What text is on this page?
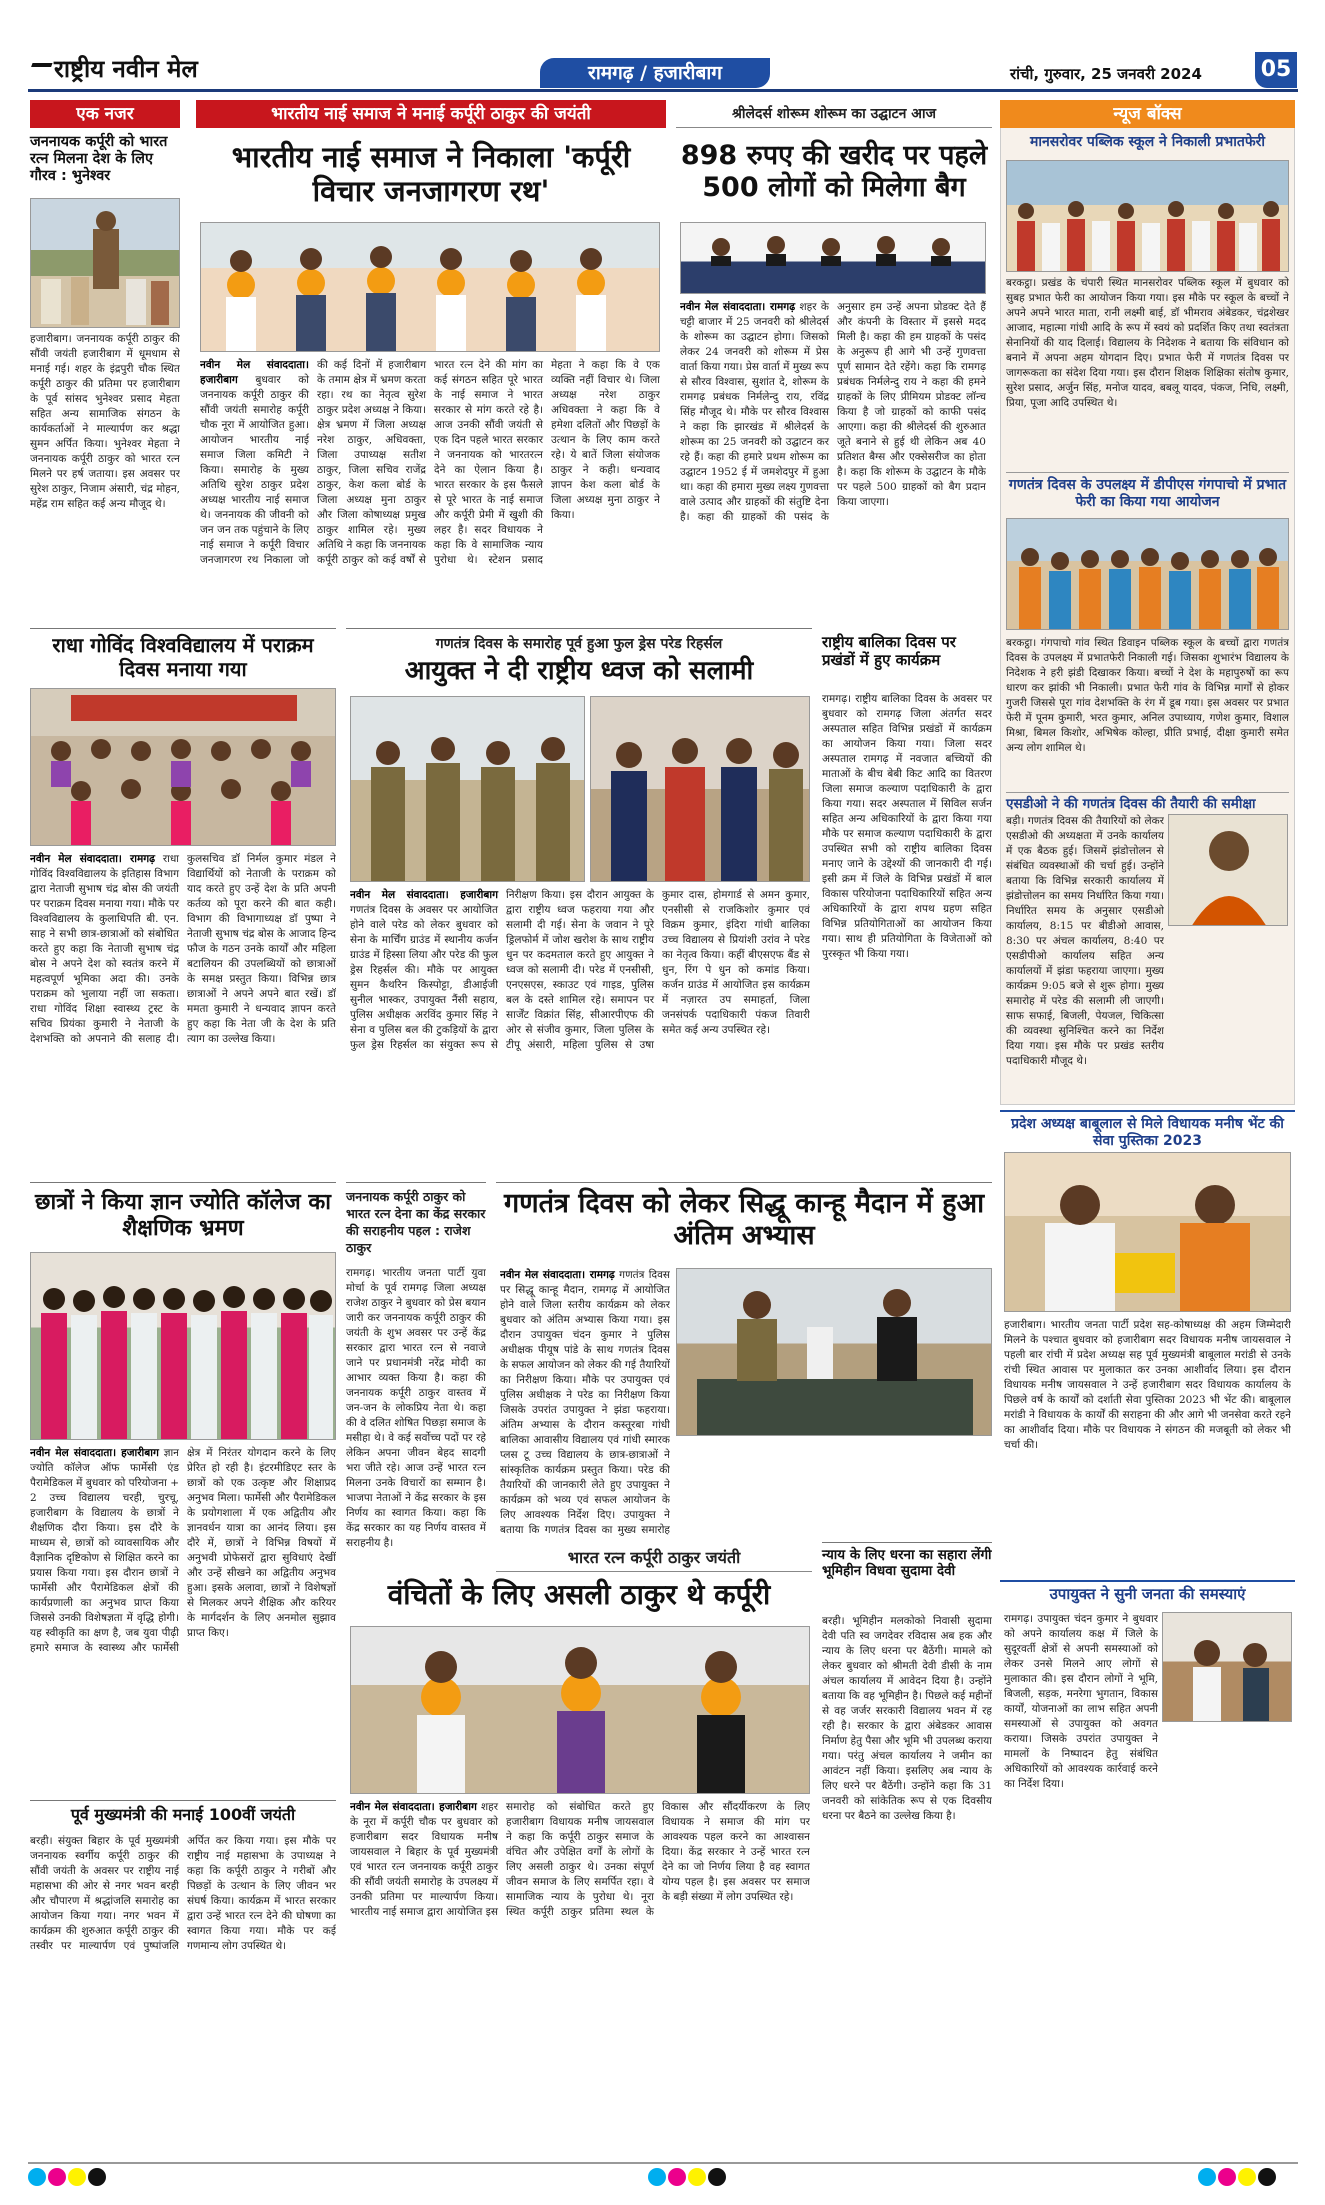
राष्ट्रीय नवीन मेल	रामगढ़ / हजारीबाग	रांची, गुरुवार, 25 जनवरी 2024	05
एक नजर
जननायक कर्पूरी को भारत रत्न मिलना देश के लिए गौरव : भुनेश्वर
हजारीबाग। जननायक कर्पूरी ठाकुर की सौंवी जयंती हजारीबाग में धूमधाम से मनाई गई। शहर के इंद्रपुरी चौक स्थित कर्पूरी ठाकुर की प्रतिमा पर हजारीबाग के पूर्व सांसद भुनेश्वर प्रसाद मेहता सहित अन्य सामाजिक संगठन के कार्यकर्ताओं ने माल्यार्पण कर श्रद्धा सुमन अर्पित किया। भुनेश्वर मेहता ने जननायक कर्पूरी ठाकुर को भारत रत्न मिलने पर हर्ष जताया। इस अवसर पर सुरेश ठाकुर, निजाम अंसारी, चंद्र मोहन, महेंद्र राम सहित कई अन्य मौजूद थे।
भारतीय नाई समाज ने मनाई कर्पूरी ठाकुर की जयंती
भारतीय नाई समाज ने निकाला 'कर्पूरी विचार जनजागरण रथ'
नवीन मेल संवाददाता। हजारीबाग बुधवार को जननायक कर्पूरी ठाकुर की सौंवी जयंती समारोह कर्पूरी चौक नूरा में आयोजित हुआ। आयोजन भारतीय नाई समाज जिला कमिटी ने किया। समारोह के मुख्य अतिथि सुरेश ठाकुर प्रदेश अध्यक्ष भारतीय नाई समाज थे। जननायक की जीवनी को जन जन तक पहुंचाने के लिए नाई समाज ने कर्पूरी विचार जनजागरण रथ निकाला जो की कई दिनों में हजारीबाग के तमाम क्षेत्र में भ्रमण करता रहा। रथ का नेतृत्व सुरेश ठाकुर प्रदेश अध्यक्ष ने किया। क्षेत्र भ्रमण में जिला अध्यक्ष नरेश ठाकुर, अधिवक्ता, जिला उपाध्यक्ष सतीश ठाकुर, जिला सचिव राजेंद्र ठाकुर, केश कला बोर्ड के जिला अध्यक्ष मुना ठाकुर और जिला कोषाध्यक्ष प्रमुख ठाकुर शामिल रहे। मुख्य अतिथि ने कहा कि जननायक कर्पूरी ठाकुर को कई वर्षों से भारत रत्न देने की मांग का कई संगठन सहित पूरे भारत के नाई समाज ने भारत सरकार से मांग करते रहे है। आज उनकी सौंवी जयंती से एक दिन पहले भारत सरकार ने जननायक को भारतरत्न देने का ऐलान किया है। भारत सरकार के इस फैसले से पूरे भारत के नाई समाज और कर्पूरी प्रेमी में खुशी की लहर है। सदर विधायक ने कहा कि वे सामाजिक न्याय पुरोधा थे। स्टेशन प्रसाद मेहता ने कहा कि वे एक व्यक्ति नहीं विचार थे। जिला अध्यक्ष नरेश ठाकुर अधिवक्ता ने कहा कि वे हमेशा दलितों और पिछड़ों के उत्थान के लिए काम करते रहे। ये बातें जिला संयोजक ठाकुर ने कही। धन्यवाद ज्ञापन केश कला बोर्ड के जिला अध्यक्ष मुना ठाकुर ने किया।
श्रीलेदर्स शोरूम शोरूम का उद्घाटन आज
898 रुपए की खरीद पर पहले 500 लोगों को मिलेगा बैग
नवीन मेल संवाददाता। रामगढ़ शहर के चट्टी बाजार में 25 जनवरी को श्रीलेदर्स के शोरूम का उद्घाटन होगा। जिसको लेकर 24 जनवरी को शोरूम में प्रेस वार्ता किया गया। प्रेस वार्ता में मुख्य रूप से सौरव विश्वास, सुशांत दे, शोरूम के रामगढ़ प्रबंधक निर्मलेन्दु राय, रविंद्र सिंह मौजूद थे। मौके पर सौरव विश्वास ने कहा कि झारखंड में श्रीलेदर्स के शोरूम का 25 जनवरी को उद्घाटन कर रहे हैं। कहा की हमारे प्रथम शोरूम का उद्घाटन 1952 ई में जमशेदपुर में हुआ था। कहा की हमारा मुख्य लक्ष्य गुणवत्ता वाले उत्पाद और ग्राहकों की संतुष्टि देना है। कहा की ग्राहकों की पसंद के अनुसार हम उन्हें अपना प्रोडक्ट देते हैं और कंपनी के विस्तार में इससे मदद मिली है। कहा की हम ग्राहकों के पसंद के अनुरूप ही आगे भी उन्हें गुणवत्ता पूर्ण सामान देते रहेंगे। कहा कि रामगढ़ प्रबंधक निर्मलेन्दु राय ने कहा की हमने ग्राहकों के लिए प्रीमियम प्रोडक्ट लॉन्च किया है जो ग्राहकों को काफी पसंद आएगा। कहा की श्रीलेदर्स की शुरुआत जूते बनाने से हुई थी लेकिन अब 40 प्रतिशत बैग्स और एक्सेसरीज का होता है। कहा कि शोरूम के उद्घाटन के मौके पर पहले 500 ग्राहकों को बैग प्रदान किया जाएगा।
न्यूज बॉक्स
मानसरोवर पब्लिक स्कूल ने निकाली प्रभातफेरी
बरकट्ठा। प्रखंड के चंपारी स्थित मानसरोवर पब्लिक स्कूल में बुधवार को सुबह प्रभात फेरी का आयोजन किया गया। इस मौके पर स्कूल के बच्चों ने अपने अपने भारत माता, रानी लक्ष्मी बाई, डॉ भीमराव अंबेडकर, चंद्रशेखर आजाद, महात्मा गांधी आदि के रूप में स्वयं को प्रदर्शित किए तथा स्वतंत्रता सेनानियों की याद दिलाई। विद्यालय के निदेशक ने बताया कि संविधान को बनाने में अपना अहम योगदान दिए। प्रभात फेरी में गणतंत्र दिवस पर जागरूकता का संदेश दिया गया। इस दौरान शिक्षक शिक्षिका संतोष कुमार, सुरेश प्रसाद, अर्जुन सिंह, मनोज यादव, बबलू यादव, पंकज, निधि, लक्ष्मी, प्रिया, पूजा आदि उपस्थित थे।
गणतंत्र दिवस के उपलक्ष्य में डीपीएस गंगपाचो में प्रभात फेरी का किया गया आयोजन
बरकट्ठा। गंगपाचो गांव स्थित डिवाइन पब्लिक स्कूल के बच्चों द्वारा गणतंत्र दिवस के उपलक्ष्य में प्रभातफेरी निकाली गई। जिसका शुभारंभ विद्यालय के निदेशक ने हरी झंडी दिखाकर किया। बच्चों ने देश के महापुरुषों का रूप धारण कर झांकी भी निकाली। प्रभात फेरी गांव के विभिन्न मार्गों से होकर गुजरी जिससे पूरा गांव देशभक्ति के रंग में डूब गया। इस अवसर पर प्रभात फेरी में पूनम कुमारी, भरत कुमार, अनिल उपाध्याय, गणेश कुमार, विशाल मिश्रा, बिमल किशोर, अभिषेक कोल्हा, प्रीति प्रभाई, दीक्षा कुमारी समेत अन्य लोग शामिल थे।
एसडीओ ने की गणतंत्र दिवस की तैयारी की समीक्षा
बड़ी। गणतंत्र दिवस की तैयारियों को लेकर एसडीओ की अध्यक्षता में उनके कार्यालय में एक बैठक हुई। जिसमें झंडोत्तोलन से संबंधित व्यवस्थाओं की चर्चा हुई। उन्होंने बताया कि विभिन्न सरकारी कार्यालय में झंडोत्तोलन का समय निर्धारित किया गया। निर्धारित समय के अनुसार एसडीओ कार्यालय, 8:15 पर बीडीओ आवास, 8:30 पर अंचल कार्यालय, 8:40 पर एसडीपीओ कार्यालय सहित अन्य कार्यालयों में झंडा फहराया जाएगा। मुख्य कार्यक्रम 9:05 बजे से शुरू होगा। मुख्य समारोह में परेड की सलामी ली जाएगी। साफ सफाई, बिजली, पेयजल, चिकित्सा की व्यवस्था सुनिश्चित करने का निर्देश दिया गया। इस मौके पर प्रखंड स्तरीय पदाधिकारी मौजूद थे।
राधा गोविंद विश्वविद्यालय में पराक्रम दिवस मनाया गया
नवीन मेल संवाददाता। रामगढ़ राधा गोविंद विश्वविद्यालय के इतिहास विभाग द्वारा नेताजी सुभाष चंद्र बोस की जयंती पर पराक्रम दिवस मनाया गया। मौके पर विश्वविद्यालय के कुलाधिपति बी. एन. साह ने सभी छात्र-छात्राओं को संबोधित करते हुए कहा कि नेताजी सुभाष चंद्र बोस ने अपने देश को स्वतंत्र करने में महत्वपूर्ण भूमिका अदा की। उनके पराक्रम को भुलाया नहीं जा सकता। राधा गोविंद शिक्षा स्वास्थ्य ट्रस्ट के सचिव प्रियंका कुमारी ने नेताजी के देशभक्ति को अपनाने की सलाह दी। कुलसचिव डॉ निर्मल कुमार मंडल ने विद्यार्थियों को नेताजी के पराक्रम को याद करते हुए उन्हें देश के प्रति अपनी कर्तव्य को पूरा करने की बात कही। विभाग की विभागाध्यक्ष डॉ पुष्पा ने नेताजी सुभाष चंद्र बोस के आजाद हिन्द फौज के गठन उनके कार्यों और महिला बटालियन की उपलब्धियों को छात्राओं के समक्ष प्रस्तुत किया। विभिन्न छात्र छात्राओं ने अपने अपने बात रखें। डॉ ममता कुमारी ने धन्यवाद ज्ञापन करते हुए कहा कि नेता जी के देश के प्रति त्याग का उल्लेख किया।
गणतंत्र दिवस के समारोह पूर्व हुआ फुल ड्रेस परेड रिहर्सल
आयुक्त ने दी राष्ट्रीय ध्वज को सलामी
नवीन मेल संवाददाता। हजारीबाग गणतंत्र दिवस के अवसर पर आयोजित होने वाले परेड को लेकर बुधवार को सेना के मार्चिंग ग्राउंड में स्थानीय कर्जन ग्राउंड में हिस्सा लिया और परेड की फुल ड्रेस रिहर्सल की। मौके पर आयुक्त सुमन कैथरिन किस्पोट्टा, डीआईजी सुनील भास्कर, उपायुक्त नैंसी सहाय, पुलिस अधीक्षक अरविंद कुमार सिंह ने सेना व पुलिस बल की टुकड़ियों के द्वारा फुल ड्रेस रिहर्सल का संयुक्त रूप से निरीक्षण किया। इस दौरान आयुक्त के द्वारा राष्ट्रीय ध्वज फहराया गया और सलामी दी गई। सेना के जवान ने पूरे ड्रिलफोर्म में जोश खरोश के साथ राष्ट्रीय धुन पर कदमताल करते हुए आयुक्त ने ध्वज को सलामी दी। परेड में एनसीसी, एनएसएस, स्काउट एवं गाइड, पुलिस बल के दस्ते शामिल रहे। समापन पर सार्जेंट विक्रांत सिंह, सीआरपीएफ की ओर से संजीव कुमार, जिला पुलिस के टीपू अंसारी, महिला पुलिस से उषा कुमार दास, होमगार्ड से अमन कुमार, एनसीसी से राजकिशोर कुमार एवं विक्रम कुमार, इंदिरा गांधी बालिका उच्च विद्यालय से प्रियांशी उरांव ने परेड का नेतृत्व किया। कहीं बीएसएफ बैंड से धुन, रिंग पे धुन को कमांड किया। कर्जन ग्राउंड में आयोजित इस कार्यक्रम में नज़ारत उप समाहर्ता, जिला जनसंपर्क पदाधिकारी पंकज तिवारी समेत कई अन्य उपस्थित रहे।
राष्ट्रीय बालिका दिवस पर प्रखंडों में हुए कार्यक्रम
रामगढ़। राष्ट्रीय बालिका दिवस के अवसर पर बुधवार को रामगढ़ जिला अंतर्गत सदर अस्पताल सहित विभिन्न प्रखंडों में कार्यक्रम का आयोजन किया गया। जिला सदर अस्पताल रामगढ़ में नवजात बच्चियों की माताओं के बीच बेबी किट आदि का वितरण जिला समाज कल्याण पदाधिकारी के द्वारा किया गया। सदर अस्पताल में सिविल सर्जन सहित अन्य अधिकारियों के द्वारा किया गया मौके पर समाज कल्याण पदाधिकारी के द्वारा उपस्थित सभी को राष्ट्रीय बालिका दिवस मनाए जाने के उद्देश्यों की जानकारी दी गई। इसी क्रम में जिले के विभिन्न प्रखंडों में बाल विकास परियोजना पदाधिकारियों सहित अन्य अधिकारियों के द्वारा शपथ ग्रहण सहित विभिन्न प्रतियोगिताओं का आयोजन किया गया। साथ ही प्रतियोगिता के विजेताओं को पुरस्कृत भी किया गया।
छात्रों ने किया ज्ञान ज्योति कॉलेज का शैक्षणिक भ्रमण
नवीन मेल संवाददाता। हजारीबाग ज्ञान ज्योति कॉलेज ऑफ फार्मेसी एंड पैरामेडिकल में बुधवार को परियोजना + 2 उच्च विद्यालय चरही, चुरचू, हजारीबाग के विद्यालय के छात्रों ने शैक्षणिक दौरा किया। इस दौरे के माध्यम से, छात्रों को व्यावसायिक और वैज्ञानिक दृष्टिकोण से शिक्षित करने का प्रयास किया गया। इस दौरान छात्रों ने फार्मेसी और पैरामेडिकल क्षेत्रों की कार्यप्रणाली का अनुभव प्राप्त किया जिससे उनकी विशेषज्ञता में वृद्धि होगी। यह स्वीकृति का क्षण है, जब युवा पीढ़ी हमारे समाज के स्वास्थ्य और फार्मेसी क्षेत्र में निरंतर योगदान करने के लिए प्रेरित हो रही है। इंटरमीडिएट स्तर के छात्रों को एक उत्कृष्ट और शिक्षाप्रद अनुभव मिला। फार्मेसी और पैरामेडिकल के प्रयोगशाला में एक अद्वितीय और ज्ञानवर्धन यात्रा का आनंद लिया। इस दौरे में, छात्रों ने विभिन्न विषयों में अनुभवी प्रोफेसरों द्वारा सुविधाएं देखीं और उन्हें सीखने का अद्वितीय अनुभव हुआ। इसके अलावा, छात्रों ने विशेषज्ञों से मिलकर अपने शैक्षिक और करियर के मार्गदर्शन के लिए अनमोल सुझाव प्राप्त किए।
जननायक कर्पूरी ठाकुर को भारत रत्न देना का केंद्र सरकार की सराहनीय पहल : राजेश ठाकुर
रामगढ़। भारतीय जनता पार्टी युवा मोर्चा के पूर्व रामगढ़ जिला अध्यक्ष राजेश ठाकुर ने बुधवार को प्रेस बयान जारी कर जननायक कर्पूरी ठाकुर की जयंती के शुभ अवसर पर उन्हें केंद्र सरकार द्वारा भारत रत्न से नवाजे जाने पर प्रधानमंत्री नरेंद्र मोदी का आभार व्यक्त किया है। कहा की जननायक कर्पूरी ठाकुर वास्तव में जन-जन के लोकप्रिय नेता थे। कहा की वे दलित शोषित पिछड़ा समाज के मसीहा थे। वे कई सर्वोच्च पदों पर रहे लेकिन अपना जीवन बेहद सादगी भरा जीते रहे। आज उन्हें भारत रत्न मिलना उनके विचारों का सम्मान है। भाजपा नेताओं ने केंद्र सरकार के इस निर्णय का स्वागत किया। कहा कि केंद्र सरकार का यह निर्णय वास्तव में सराहनीय है।
गणतंत्र दिवस को लेकर सिद्धू कान्हू मैदान में हुआ अंतिम अभ्यास
नवीन मेल संवाददाता। रामगढ़ गणतंत्र दिवस पर सिद्धू कान्हू मैदान, रामगढ़ में आयोजित होने वाले जिला स्तरीय कार्यक्रम को लेकर बुधवार को अंतिम अभ्यास किया गया। इस दौरान उपायुक्त चंदन कुमार ने पुलिस अधीक्षक पीयूष पांडे के साथ गणतंत्र दिवस के सफल आयोजन को लेकर की गई तैयारियों का निरीक्षण किया। मौके पर उपायुक्त एवं पुलिस अधीक्षक ने परेड का निरीक्षण किया जिसके उपरांत उपायुक्त ने झंडा फहराया। अंतिम अभ्यास के दौरान कस्तूरबा गांधी बालिका आवासीय विद्यालय एवं गांधी स्मारक प्लस टू उच्च विद्यालय के छात्र-छात्राओं ने सांस्कृतिक कार्यक्रम प्रस्तुत किया। परेड की तैयारियों की जानकारी लेते हुए उपायुक्त ने कार्यक्रम को भव्य एवं सफल आयोजन के लिए आवश्यक निर्देश दिए। उपायुक्त ने बताया कि गणतंत्र दिवस का मुख्य समारोह
न्याय के लिए धरना का सहारा लेंगी भूमिहीन विधवा सुदामा देवी
बरही। भूमिहीन मलकोको निवासी सुदामा देवी पति स्व जगदेवर रविदास अब हक और न्याय के लिए धरना पर बैठेंगी। मामले को लेकर बुधवार को श्रीमती देवी डीसी के नाम अंचल कार्यालय में आवेदन दिया है। उन्होंने बताया कि वह भूमिहीन है। पिछले कई महीनों से वह जर्जर सरकारी विद्यालय भवन में रह रही है। सरकार के द्वारा अंबेडकर आवास निर्माण हेतु पैसा और भूमि भी उपलब्ध कराया गया। परंतु अंचल कार्यालय ने जमीन का आवंटन नहीं किया। इसलिए अब न्याय के लिए धरने पर बैठेंगी। उन्होंने कहा कि 31 जनवरी को सांकेतिक रूप से एक दिवसीय धरना पर बैठने का उल्लेख किया है।
भारत रत्न कर्पूरी ठाकुर जयंती
वंचितों के लिए असली ठाकुर थे कर्पूरी
नवीन मेल संवाददाता। हजारीबाग शहर के नूरा में कर्पूरी चौक पर बुधवार को हजारीबाग सदर विधायक मनीष जायसवाल ने बिहार के पूर्व मुख्यमंत्री एवं भारत रत्न जननायक कर्पूरी ठाकुर की सौंवी जयंती समारोह के उपलक्ष्य में उनकी प्रतिमा पर माल्यार्पण किया। भारतीय नाई समाज द्वारा आयोजित इस समारोह को संबोधित करते हुए हजारीबाग विधायक मनीष जायसवाल ने कहा कि कर्पूरी ठाकुर समाज के वंचित और उपेक्षित वर्गों के लोगों के लिए असली ठाकुर थे। उनका संपूर्ण जीवन समाज के लिए समर्पित रहा। वे सामाजिक न्याय के पुरोधा थे। नूरा स्थित कर्पूरी ठाकुर प्रतिमा स्थल के विकास और सौंदर्यीकरण के लिए विधायक ने समाज की मांग पर आवश्यक पहल करने का आश्वासन दिया। केंद्र सरकार ने उन्हें भारत रत्न देने का जो निर्णय लिया है वह स्वागत योग्य पहल है। इस अवसर पर समाज के बड़ी संख्या में लोग उपस्थित रहे।
पूर्व मुख्यमंत्री की मनाई 100वीं जयंती
बरही। संयुक्त बिहार के पूर्व मुख्यमंत्री जननायक स्वर्गीय कर्पूरी ठाकुर की सौंवी जयंती के अवसर पर राष्ट्रीय नाई महासभा की ओर से नगर भवन बरही और चौपारण में श्रद्धांजलि समारोह का आयोजन किया गया। नगर भवन में कार्यक्रम की शुरुआत कर्पूरी ठाकुर की तस्वीर पर माल्यार्पण एवं पुष्पांजलि अर्पित कर किया गया। इस मौके पर राष्ट्रीय नाई महासभा के उपाध्यक्ष ने कहा कि कर्पूरी ठाकुर ने गरीबों और पिछड़ों के उत्थान के लिए जीवन भर संघर्ष किया। कार्यक्रम में भारत सरकार द्वारा उन्हें भारत रत्न देने की घोषणा का स्वागत किया गया। मौके पर कई गणमान्य लोग उपस्थित थे।
प्रदेश अध्यक्ष बाबूलाल से मिले विधायक मनीष भेंट की सेवा पुस्तिका 2023
हजारीबाग। भारतीय जनता पार्टी प्रदेश सह-कोषाध्यक्ष की अहम जिम्मेदारी मिलने के पश्चात बुधवार को हजारीबाग सदर विधायक मनीष जायसवाल ने पहली बार रांची में प्रदेश अध्यक्ष सह पूर्व मुख्यमंत्री बाबूलाल मरांडी से उनके रांची स्थित आवास पर मुलाकात कर उनका आशीर्वाद लिया। इस दौरान विधायक मनीष जायसवाल ने उन्हें हजारीबाग सदर विधायक कार्यालय के पिछले वर्ष के कार्यों को दर्शाती सेवा पुस्तिका 2023 भी भेंट की। बाबूलाल मरांडी ने विधायक के कार्यों की सराहना की और आगे भी जनसेवा करते रहने का आशीर्वाद दिया। मौके पर विधायक ने संगठन की मजबूती को लेकर भी चर्चा की।
उपायुक्त ने सुनी जनता की समस्याएं
रामगढ़। उपायुक्त चंदन कुमार ने बुधवार को अपने कार्यालय कक्ष में जिले के सुदूरवर्ती क्षेत्रों से अपनी समस्याओं को लेकर उनसे मिलने आए लोगों से मुलाकात की। इस दौरान लोगों ने भूमि, बिजली, सड़क, मनरेगा भुगतान, विकास कार्यों, योजनाओं का लाभ सहित अपनी समस्याओं से उपायुक्त को अवगत कराया। जिसके उपरांत उपायुक्त ने मामलों के निष्पादन हेतु संबंधित अधिकारियों को आवश्यक कार्रवाई करने का निर्देश दिया।
